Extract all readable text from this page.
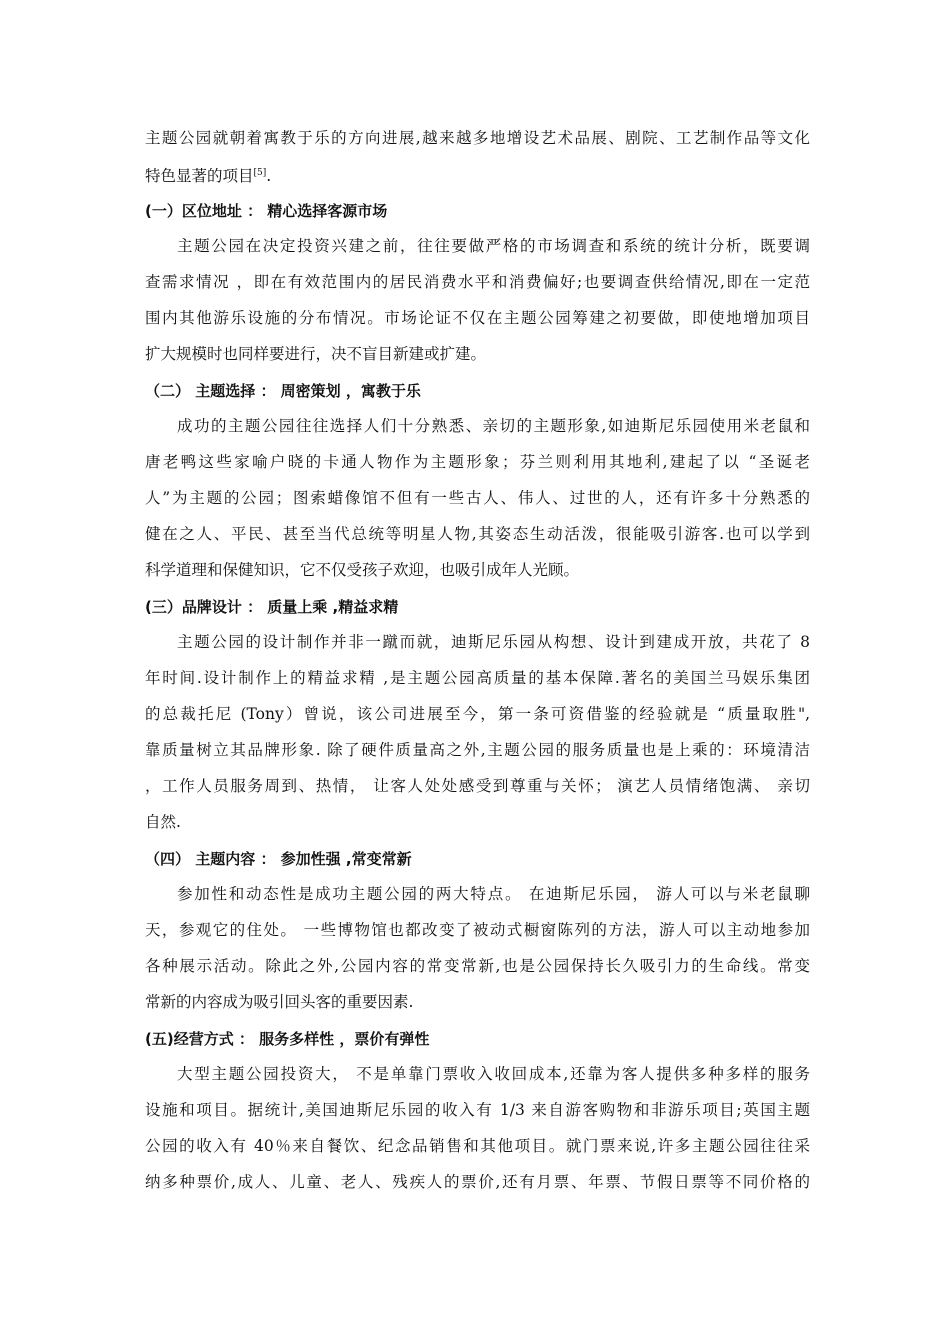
主题公园就朝着寓教于乐的方向进展,越来越多地增设艺术品展、剧院、工艺制作品等文化
特色显著的项目[5].
(一）区位地址 ： 精心选择客源市场
主题公园在决定投资兴建之前，往往要做严格的市场调查和系统的统计分析，既要调
查需求情况 ，即在有效范围内的居民消费水平和消费偏好;也要调查供给情况,即在一定范
围内其他游乐设施的分布情况。市场论证不仅在主题公园筹建之初要做，即使地增加项目
扩大规模时也同样要进行，决不盲目新建或扩建。
（二） 主题选择 ： 周密策划 ，寓教于乐
成功的主题公园往往选择人们十分熟悉、亲切的主题形象,如迪斯尼乐园使用米老鼠和
唐老鸭这些家喻户晓的卡通人物作为主题形象；芬兰则利用其地利,建起了以 “圣诞老
人”为主题的公园；图索蜡像馆不但有一些古人、伟人、过世的人，还有许多十分熟悉的
健在之人、平民、甚至当代总统等明星人物,其姿态生动活泼，很能吸引游客.也可以学到
科学道理和保健知识，它不仅受孩子欢迎，也吸引成年人光顾。
(三）品牌设计 ： 质量上乘 ,精益求精
主题公园的设计制作并非一蹴而就，迪斯尼乐园从构想、设计到建成开放，共花了 8
年时间.设计制作上的精益求精 ,是主题公园高质量的基本保障.著名的美国兰马娱乐集团
的总裁托尼 (Tony）曾说，该公司进展至今，第一条可资借鉴的经验就是 “质量取胜",
靠质量树立其品牌形象. 除了硬件质量高之外,主题公园的服务质量也是上乘的：环境清洁
，工作人员服务周到、热情， 让客人处处感受到尊重与关怀； 演艺人员情绪饱满、 亲切
自然.
（四） 主题内容 ： 参加性强 ,常变常新
参加性和动态性是成功主题公园的两大特点。 在迪斯尼乐园， 游人可以与米老鼠聊
天，参观它的住处。 一些博物馆也都改变了被动式橱窗陈列的方法，游人可以主动地参加
各种展示活动。除此之外,公园内容的常变常新,也是公园保持长久吸引力的生命线。常变
常新的内容成为吸引回头客的重要因素.
(五)经营方式 ： 服务多样性 ，票价有弹性
大型主题公园投资大， 不是单靠门票收入收回成本,还靠为客人提供多种多样的服务
设施和项目。据统计,美国迪斯尼乐园的收入有 1/3 来自游客购物和非游乐项目;英国主题
公园的收入有 40％来自餐饮、纪念品销售和其他项目。就门票来说,许多主题公园往往采
纳多种票价,成人、儿童、老人、残疾人的票价,还有月票、年票、节假日票等不同价格的
